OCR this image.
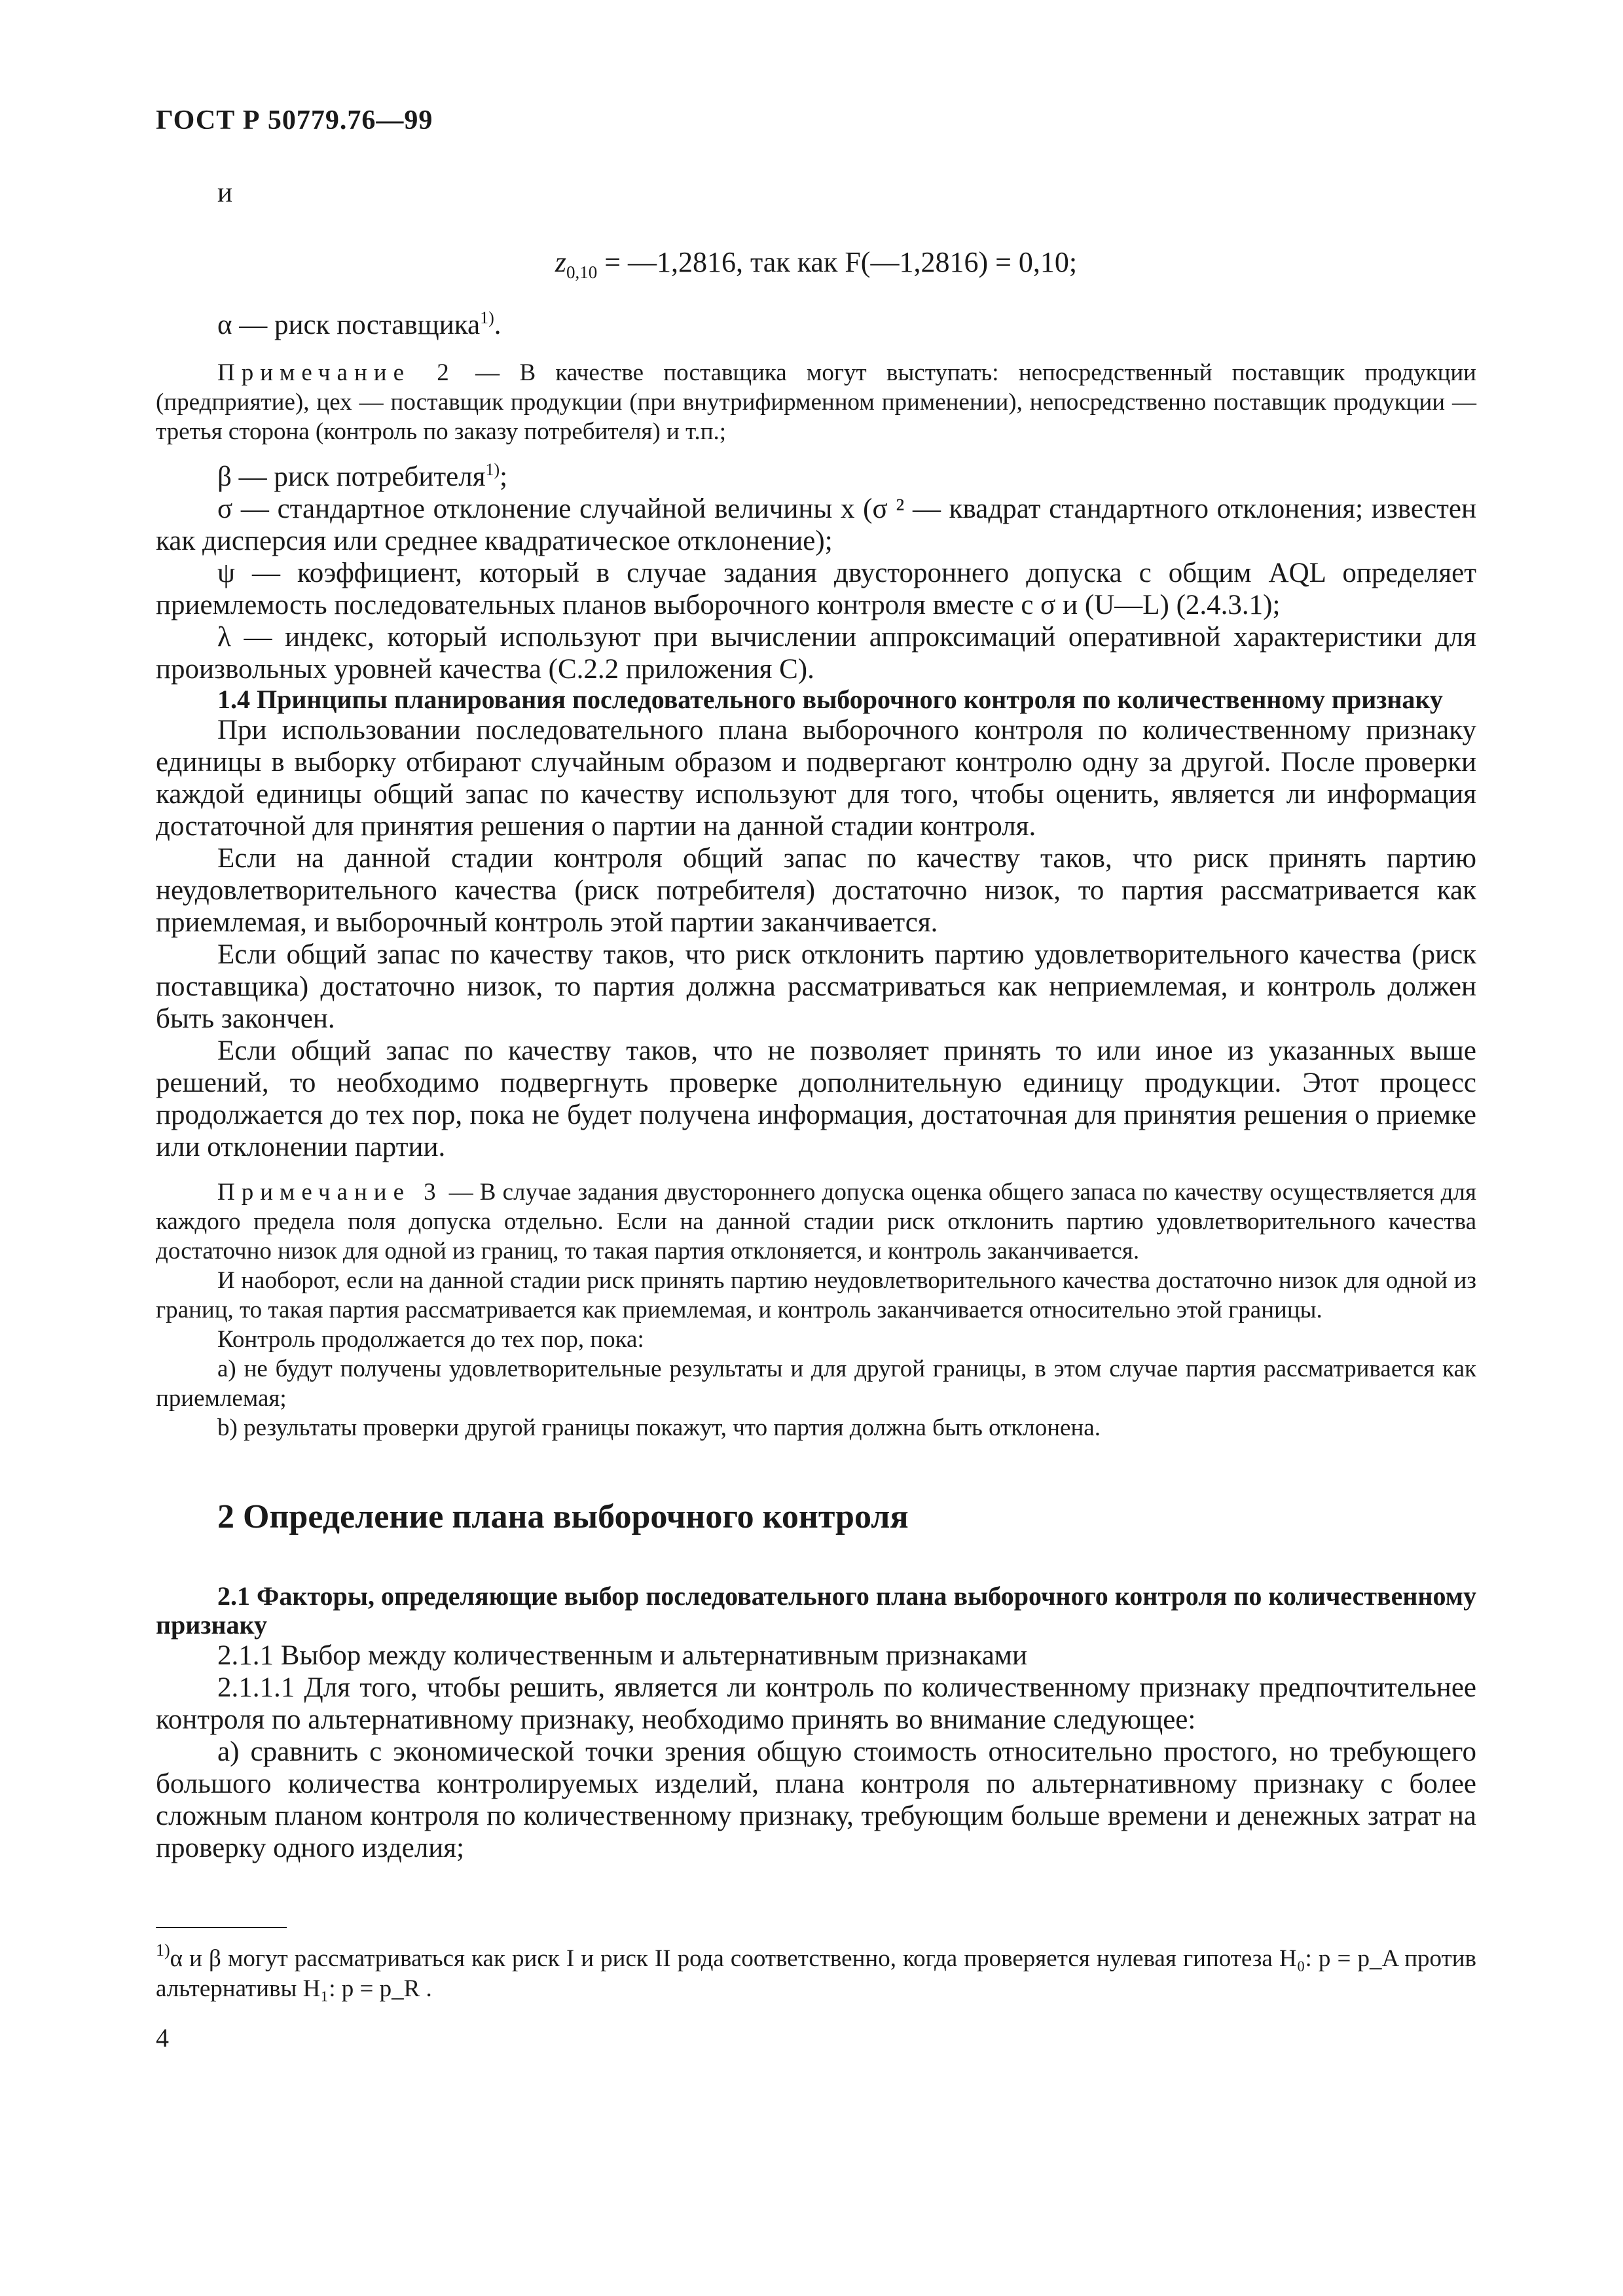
ГОСТ Р 50779.76—99

и

$z_{0,10}$ = —1,2816, так как F(—1,2816) = 0,10;

α — риск поставщика$^{1)}$.

Примечание 2 — В качестве поставщика могут выступать: непосредственный поставщик продукции (предприятие), цех — поставщик продукции (при внутрифирменном применении), непосредственно поставщик продукции — третья сторона (контроль по заказу потребителя) и т.п.;

β — риск потребителя$^{1)}$;

σ — стандартное отклонение случайной величины x (σ ² — квадрат стандартного отклонения; известен как дисперсия или среднее квадратическое отклонение);

ψ — коэффициент, который в случае задания двустороннего допуска с общим AQL определяет приемлемость последовательных планов выборочного контроля вместе с σ и (U—L) (2.4.3.1);

λ — индекс, который используют при вычислении аппроксимаций оперативной характеристики для произвольных уровней качества (С.2.2 приложения С).

1.4 Принципы планирования последовательного выборочного контроля по количественному признаку

При использовании последовательного плана выборочного контроля по количественному признаку единицы в выборку отбирают случайным образом и подвергают контролю одну за другой. После проверки каждой единицы общий запас по качеству используют для того, чтобы оценить, является ли информация достаточной для принятия решения о партии на данной стадии контроля.

Если на данной стадии контроля общий запас по качеству таков, что риск принять партию неудовлетворительного качества (риск потребителя) достаточно низок, то партия рассматривается как приемлемая, и выборочный контроль этой партии заканчивается.

Если общий запас по качеству таков, что риск отклонить партию удовлетворительного качества (риск поставщика) достаточно низок, то партия должна рассматриваться как неприемлемая, и контроль должен быть закончен.

Если общий запас по качеству таков, что не позволяет принять то или иное из указанных выше решений, то необходимо подвергнуть проверке дополнительную единицу продукции. Этот процесс продолжается до тех пор, пока не будет получена информация, достаточная для принятия решения о приемке или отклонении партии.

Примечание 3 — В случае задания двустороннего допуска оценка общего запаса по качеству осуществляется для каждого предела поля допуска отдельно. Если на данной стадии риск отклонить партию удовлетворительного качества достаточно низок для одной из границ, то такая партия отклоняется, и контроль заканчивается.

И наоборот, если на данной стадии риск принять партию неудовлетворительного качества достаточно низок для одной из границ, то такая партия рассматривается как приемлемая, и контроль заканчивается относительно этой границы.

Контроль продолжается до тех пор, пока:

а) не будут получены удовлетворительные результаты и для другой границы, в этом случае партия рассматривается как приемлемая;

b) результаты проверки другой границы покажут, что партия должна быть отклонена.

2 Определение плана выборочного контроля

2.1 Факторы, определяющие выбор последовательного плана выборочного контроля по количественному признаку

2.1.1 Выбор между количественным и альтернативным признаками

2.1.1.1 Для того, чтобы решить, является ли контроль по количественному признаку предпочтительнее контроля по альтернативному признаку, необходимо принять во внимание следующее:

а) сравнить с экономической точки зрения общую стоимость относительно простого, но требующего большого количества контролируемых изделий, плана контроля по альтернативному признаку с более сложным планом контроля по количественному признаку, требующим больше времени и денежных затрат на проверку одного изделия;

$^{1)}$α и β могут рассматриваться как риск I и риск II рода соответственно, когда проверяется нулевая гипотеза H₀: p = p_A против альтернативы H₁: p = p_R .
4
